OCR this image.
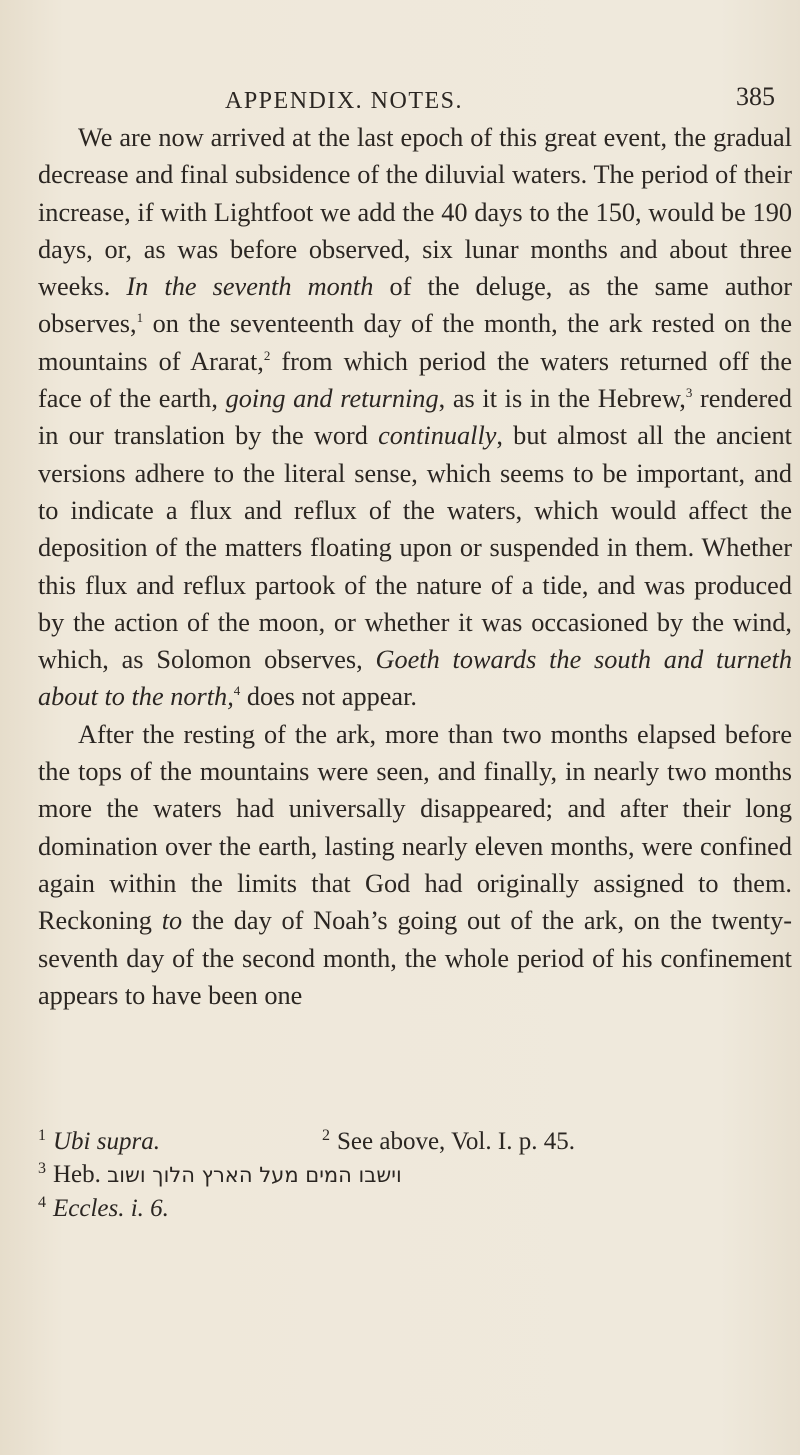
APPENDIX. NOTES.	385

We are now arrived at the last epoch of this great event, the gradual decrease and final subsidence of the diluvial waters. The period of their increase, if with Lightfoot we add the 40 days to the 150, would be 190 days, or, as was before observed, six lunar months and about three weeks. In the seventh month of the deluge, as the same author observes,$^1$ on the seventeenth day of the month, the ark rested on the mountains of Ararat,$^2$ from which period the waters returned off the face of the earth, going and returning, as it is in the Hebrew,$^3$ rendered in our translation by the word continually, but almost all the ancient versions adhere to the literal sense, which seems to be important, and to indicate a flux and reflux of the waters, which would affect the deposition of the matters floating upon or suspended in them. Whether this flux and reflux partook of the nature of a tide, and was produced by the action of the moon, or whether it was occasioned by the wind, which, as Solomon observes, Goeth towards the south and turneth about to the north,$^4$ does not appear.

After the resting of the ark, more than two months elapsed before the tops of the mountains were seen, and finally, in nearly two months more the waters had universally disappeared; and after their long domination over the earth, lasting nearly eleven months, were confined again within the limits that God had originally assigned to them. Reckoning to the day of Noah’s going out of the ark, on the twenty-seventh day of the second month, the whole period of his confinement appears to have been one

$^1$ Ubi supra.	$^2$ See above, Vol. I. p. 45.
$^3$ Heb. וישבו המים מעל הארץ הלוך ושוב
$^4$ Eccles. i. 6.
